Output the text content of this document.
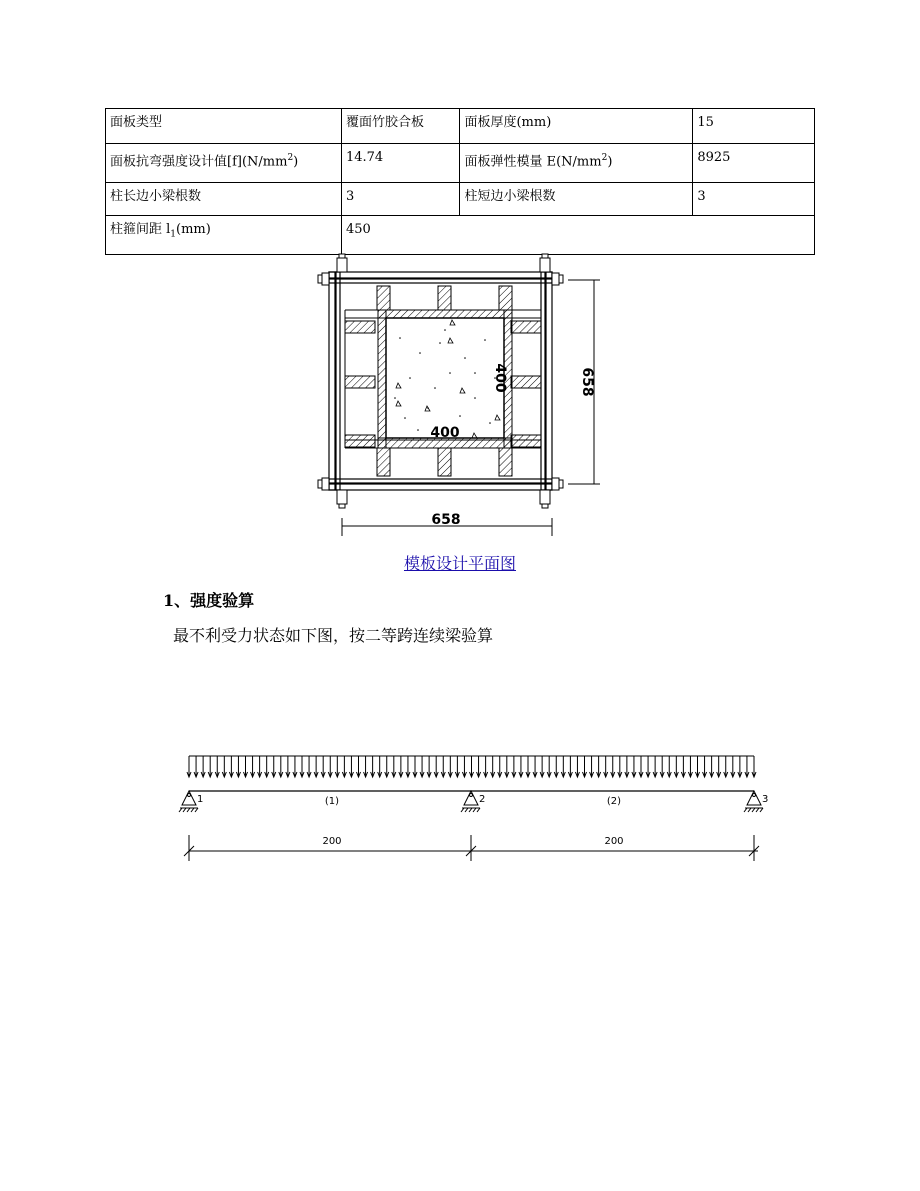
面板类型	覆面竹胶合板	面板厚度(mm)	15
面板抗弯强度设计值$[f](N/mm^2)$	14.74	面板弹性模量 $E(N/mm^2)$	8925
柱长边小梁根数	3	柱短边小梁根数	3
柱箍间距 $l_1(mm)$	450		
400
400
658
658
模板设计平面图
1、强度验算
最不利受力状态如下图，按二等跨连续梁验算
1	2	3
(1)	(2)
200	200
